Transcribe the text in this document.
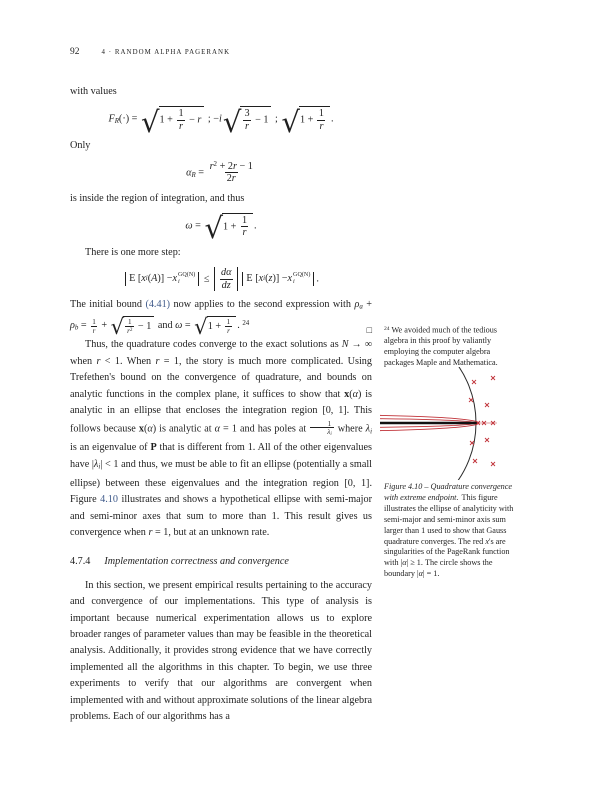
92	4 · RANDOM ALPHA PAGERANK

with values

FR(·) = √ $1 + \frac{1}{r} - r$ ; −i √ $\frac{3}{r} - 1$ ; √ $1 + \frac{1}{r}$ .

Only

$\alpha R = \frac{r^2 + 2r - 1}{2r}$

is inside the region of integration, and thus

ω = √ $1 + \frac{1}{r}$ .

There is one more step:

E [ x i ( A )] − x GQ(N)
$i \le \frac{d\alpha}{dz}$ E [ x i ( z )] − x GQ(N)
i .

The initial bound (4.41) now applies to the second expression with $\rho a + \rho b = \frac{1}{r}$ + √ $\frac{1}{r^2} - 1$ and ω = √ $1 + \frac{1}{r}$ . $^{24}$
□

Thus, the quadrature codes converge to the exact solutions as N → ∞ when r < 1. When r = 1, the story is much more complicated. Using Trefethen's bound on the convergence of quadrature, and bounds on analytic functions in the complex plane, it suffices to show that x(α) is analytic in an ellipse that encloses the integration region [0, 1]. This follows because x(α) is analytic at α = 1 and has poles at $\frac{1}{\lambda i}$ where λi is an eigenvalue of P that is different from 1. All of the other eigenvalues have |λi| < 1 and thus, we must be able to fit an ellipse (potentially a small ellipse) between these eigenvalues and the integration region [0, 1]. Figure 4.10 illustrates and shows a hypothetical ellipse with semi-major and semi-minor axes that sum to more than 1. This result gives us convergence when r = 1, but at an unknown rate.

4.7.4 Implementation correctness and convergence

In this section, we present empirical results pertaining to the accuracy and convergence of our implementations. This type of analysis is important because numerical experimentation allows us to explore broader ranges of parameter values than may be feasible in the theoretical analysis. Additionally, it provides strong evidence that we have correctly implemented all the algorithms in this chapter. To begin, we use three experiments to verify that our algorithms are convergent when implemented with and without approximate solutions of the linear algebra problems. Each of our algorithms has a

$^{24}$ We avoided much of the tedious algebra in this proof by valiantly employing the computer algebra packages Maple and Mathematica.
Figure 4.10 – Quadrature convergence with extreme endpoint. This figure illustrates the ellipse of analyticity with semi-major and semi-minor axis sum larger than 1 used to show that Gauss quadrature converges. The red x's are singularities of the PageRank function with |α| ≥ 1. The circle shows the boundary |α| = 1.
